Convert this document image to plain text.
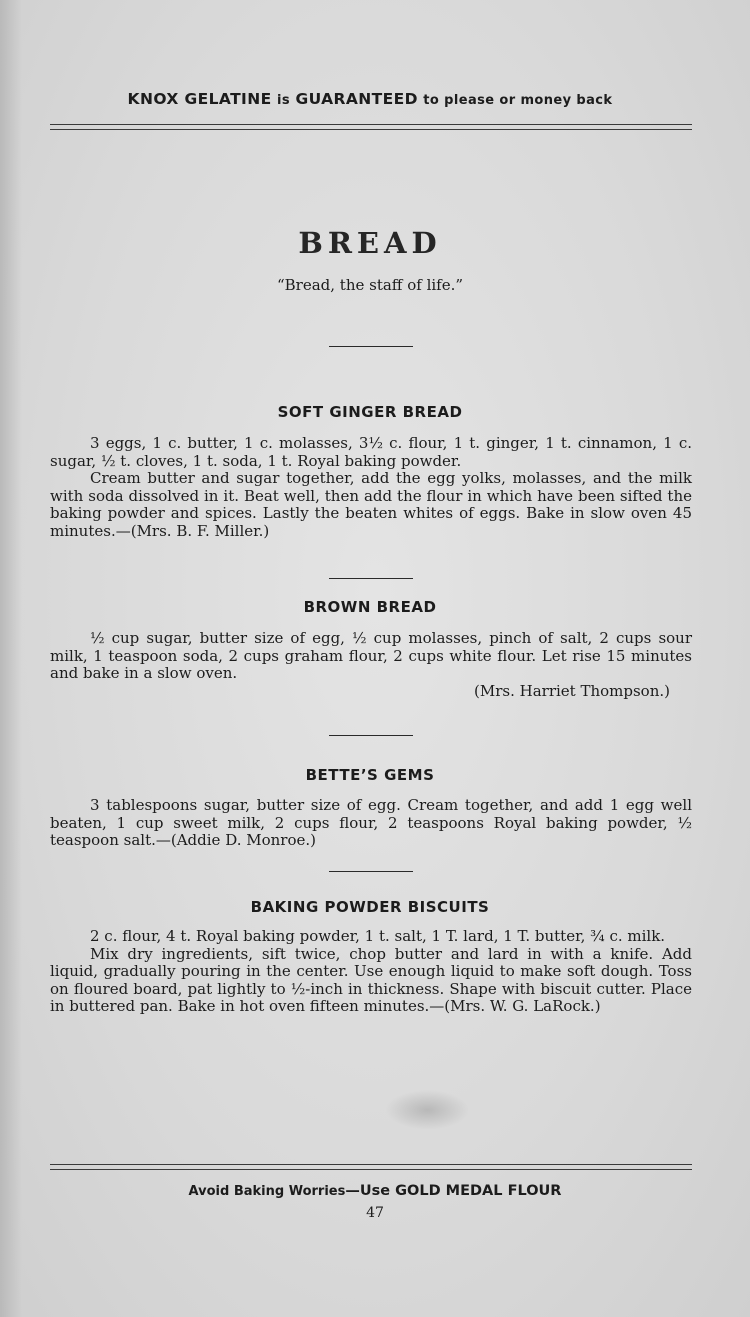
KNOX GELATINE is GUARANTEED to please or money back
BREAD
“Bread, the staff of life.”
SOFT GINGER BREAD

3 eggs, 1 c. butter, 1 c. molasses, 3½ c. flour, 1 t. ginger, 1 t. cinnamon, 1 c. sugar, ½ t. cloves, 1 t. soda, 1 t. Royal baking powder.

Cream butter and sugar together, add the egg yolks, molasses, and the milk with soda dissolved in it. Beat well, then add the flour in which have been sifted the baking powder and spices. Lastly the beaten whites of eggs. Bake in slow oven 45 minutes.—(Mrs. B. F. Miller.)

BROWN BREAD

½ cup sugar, butter size of egg, ½ cup molasses, pinch of salt, 2 cups sour milk, 1 teaspoon soda, 2 cups graham flour, 2 cups white flour. Let rise 15 minutes and bake in a slow oven.

(Mrs. Harriet Thompson.)

BETTE’S GEMS

3 tablespoons sugar, butter size of egg. Cream together, and add 1 egg well beaten, 1 cup sweet milk, 2 cups flour, 2 teaspoons Royal baking powder, ½ teaspoon salt.—(Addie D. Monroe.)

BAKING POWDER BISCUITS

2 c. flour, 4 t. Royal baking powder, 1 t. salt, 1 T. lard, 1 T. butter, ¾ c. milk.

Mix dry ingredients, sift twice, chop butter and lard in with a knife. Add liquid, gradually pouring in the center. Use enough liquid to make soft dough. Toss on floured board, pat lightly to ½-inch in thickness. Shape with biscuit cutter. Place in buttered pan. Bake in hot oven fifteen minutes.—(Mrs. W. G. LaRock.)

Avoid Baking Worries—Use GOLD MEDAL FLOUR
47
